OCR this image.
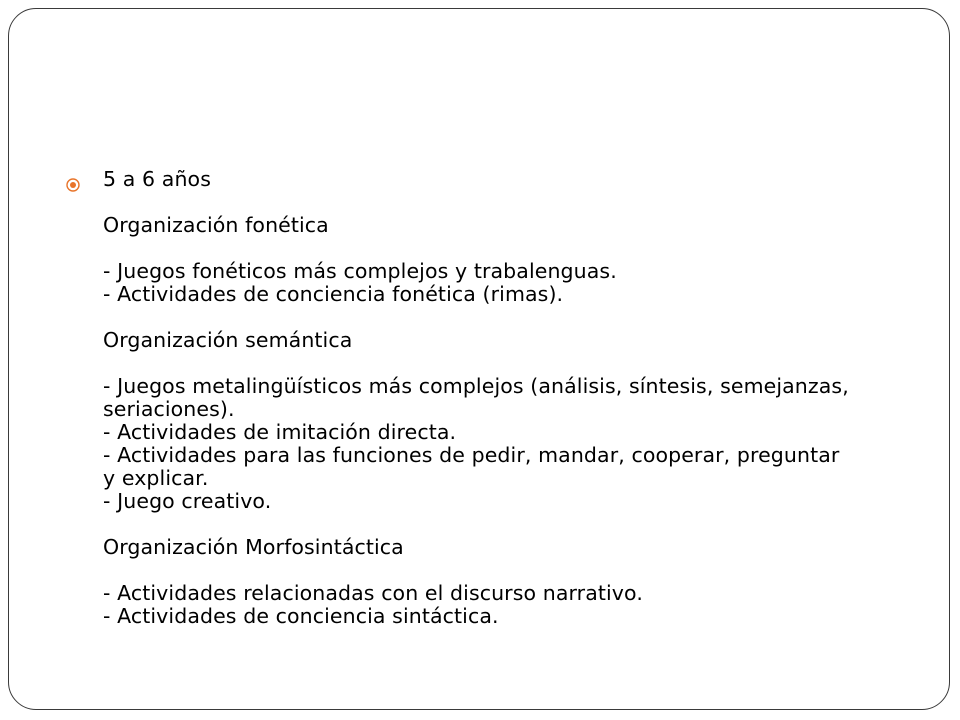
5 a 6 años
Organización fonética
- Juegos fonéticos más complejos y trabalenguas.
- Actividades de conciencia fonética (rimas).
Organización semántica
- Juegos metalingüísticos más complejos (análisis, síntesis, semejanzas,
seriaciones).
- Actividades de imitación directa.
- Actividades para las funciones de pedir, mandar, cooperar, preguntar
y explicar.
- Juego creativo.
Organización Morfosintáctica
- Actividades relacionadas con el discurso narrativo.
- Actividades de conciencia sintáctica.
